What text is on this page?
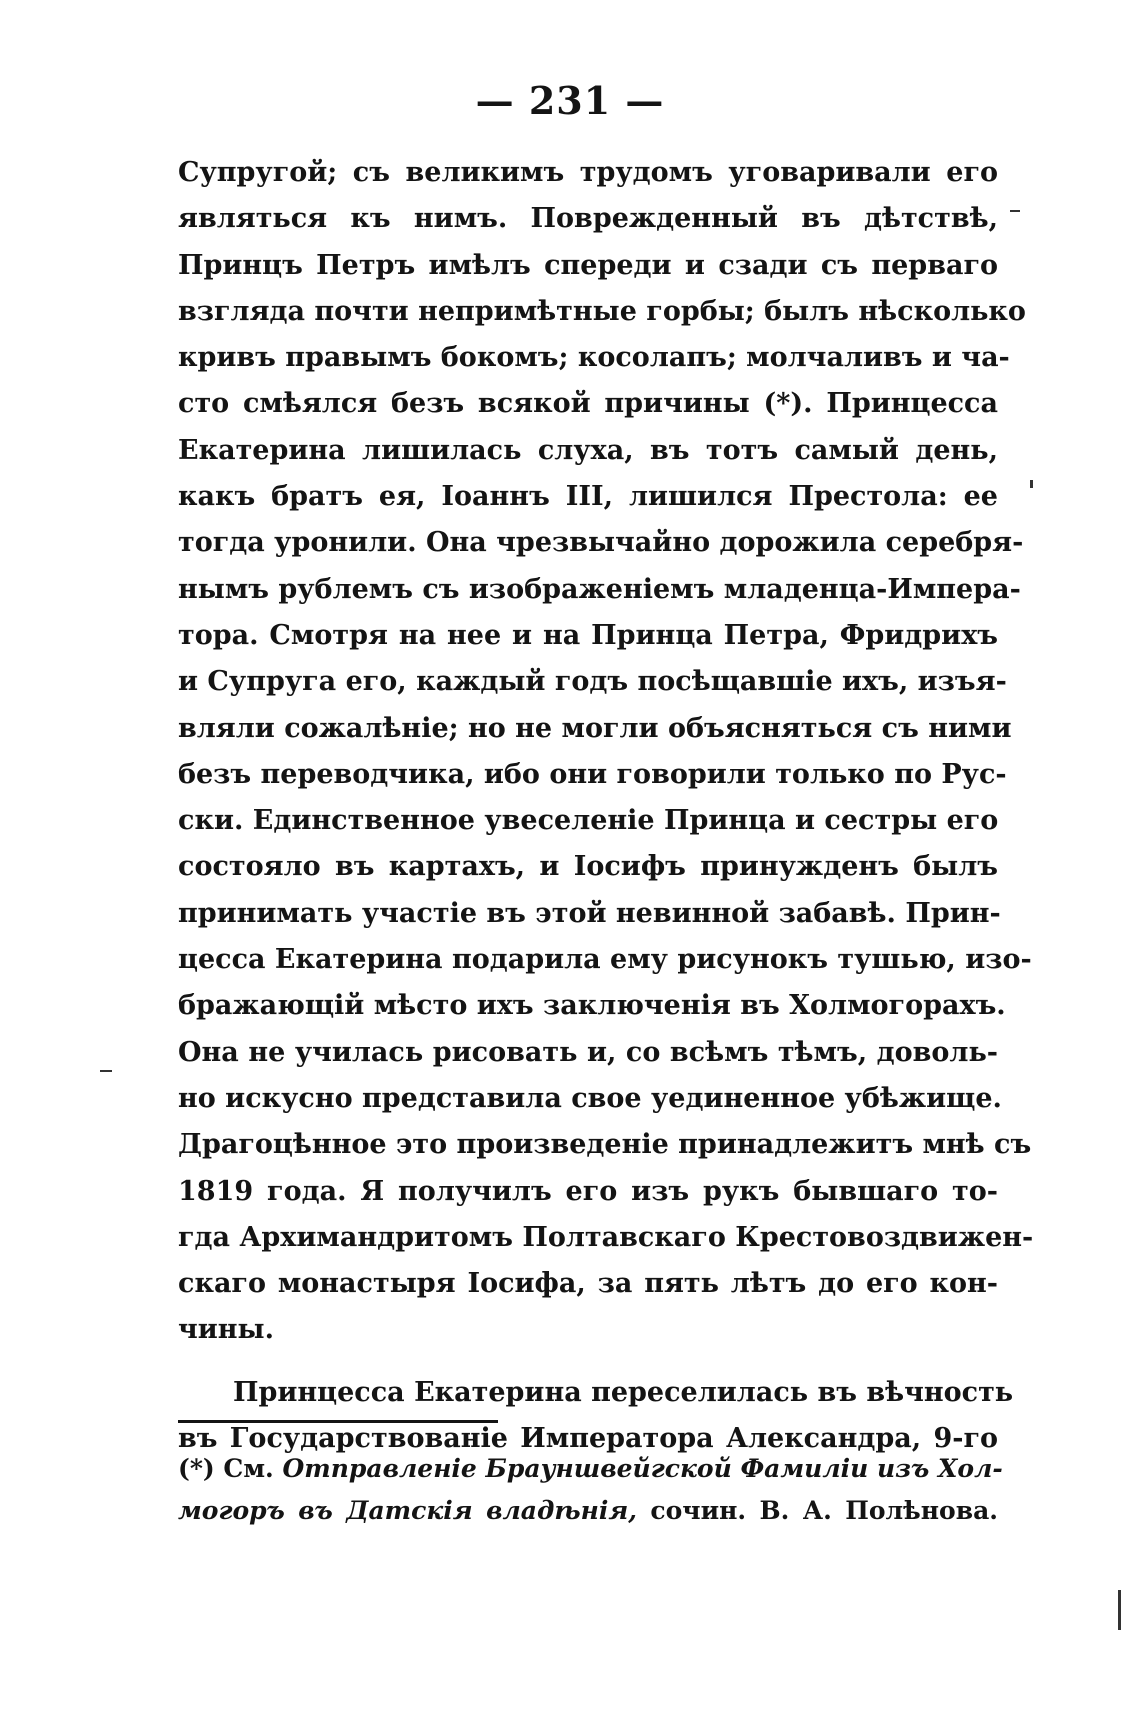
— 231 —
Супругой; съ великимъ трудомъ уговаривали его
являться къ нимъ. Поврежденный въ дѣтствѣ,
Принцъ Петръ имѣлъ спереди и сзади съ перваго
взгляда почти непримѣтные горбы; былъ нѣсколько
кривъ правымъ бокомъ; косолапъ; молчаливъ и ча-
сто смѣялся безъ всякой причины (*). Принцесса
Екатерина лишилась слуха, въ тотъ самый день,
какъ братъ ея, Іоаннъ III, лишился Престола: ее
тогда уронили. Она чрезвычайно дорожила серебря-
нымъ рублемъ съ изображеніемъ младенца-Импера-
тора. Смотря на нее и на Принца Петра, Фридрихъ
и Супруга его, каждый годъ посѣщавшіе ихъ, изъя-
вляли сожалѣніе; но не могли объясняться съ ними
безъ переводчика, ибо они говорили только по Рус-
ски. Единственное увеселеніе Принца и сестры его
состояло въ картахъ, и Іосифъ принужденъ былъ
принимать участіе въ этой невинной забавѣ. Прин-
цесса Екатерина подарила ему рисунокъ тушью, изо-
бражающій мѣсто ихъ заключенія въ Холмогорахъ.
Она не училась рисовать и, со всѣмъ тѣмъ, доволь-
но искусно представила свое уединенное убѣжище.
Драгоцѣнное это произведеніе принадлежитъ мнѣ съ
1819 года. Я получилъ его изъ рукъ бывшаго то-
гда Архимандритомъ Полтавскаго Крестовоздвижен-
скаго монастыря Іосифа, за пять лѣтъ до его кон-
чины.
Принцесса Екатерина переселилась въ вѣчность
въ Государствованіе Императора Александра, 9-го
(*) См. Отправленіе Брауншвейгской Фамиліи изъ Хол-
могоръ въ Датскія владѣнія, сочин. В. А. Полѣнова.
